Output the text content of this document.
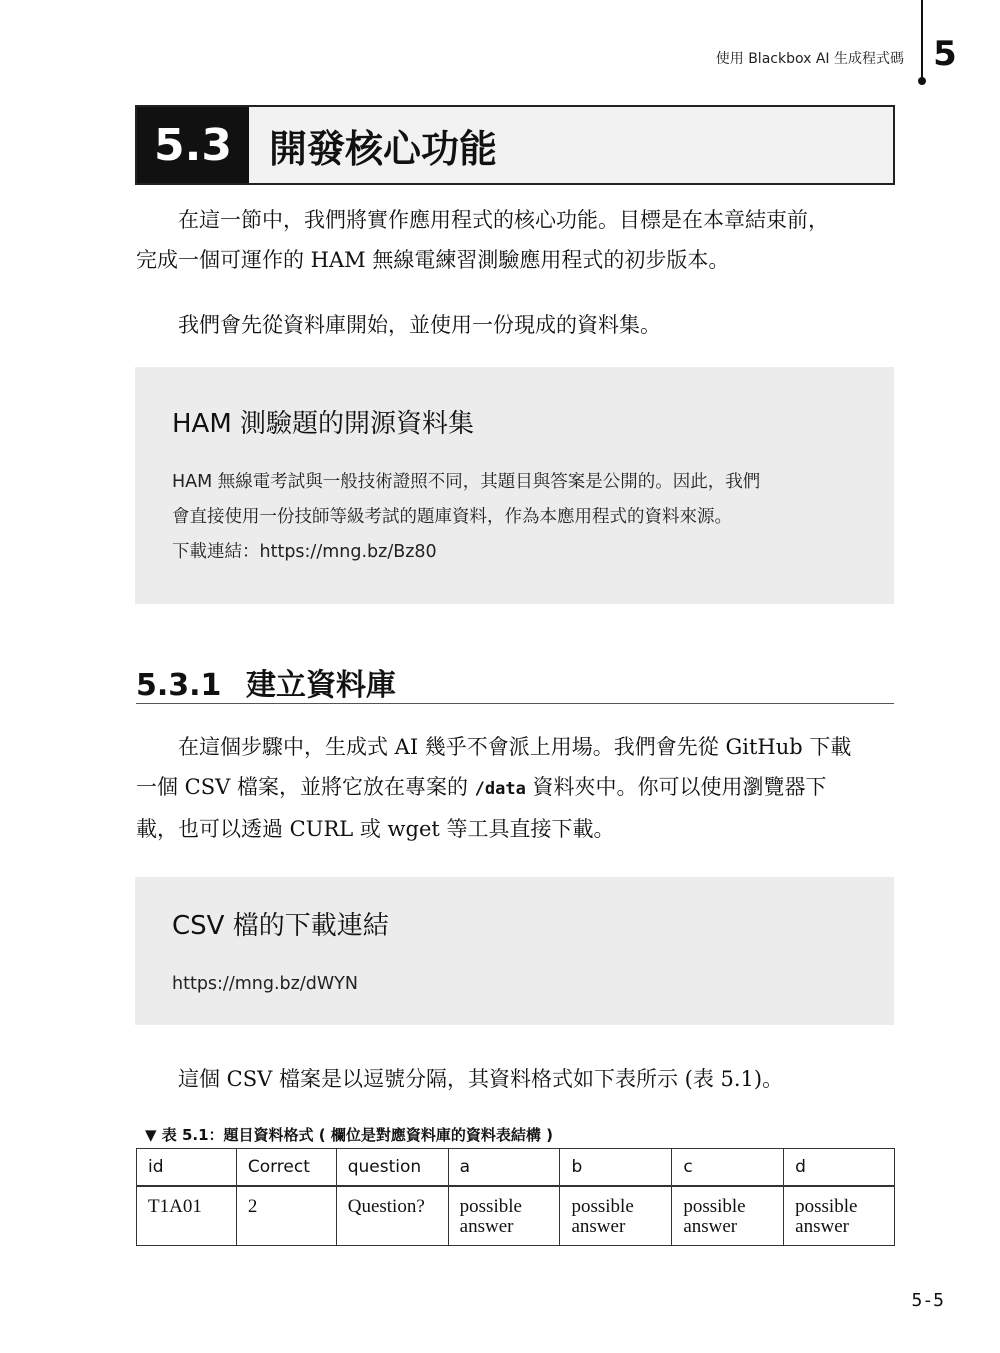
使用 Blackbox AI 生成程式碼 5
5.3 開發核心功能

在這一節中，我們將實作應用程式的核心功能。目標是在本章結束前，
完成一個可運作的 HAM 無線電練習測驗應用程式的初步版本。

我們會先從資料庫開始，並使用一份現成的資料集。

HAM 測驗題的開源資料集
HAM 無線電考試與一般技術證照不同，其題目與答案是公開的。因此，我們
會直接使用一份技師等級考試的題庫資料，作為本應用程式的資料來源。
下載連結：https://mng.bz/Bz80
5.3.1 建立資料庫

在這個步驟中，生成式 AI 幾乎不會派上用場。我們會先從 GitHub 下載
一個 CSV 檔案，並將它放在專案的 /data 資料夾中。你可以使用瀏覽器下
載，也可以透過 CURL 或 wget 等工具直接下載。

CSV 檔的下載連結
https://mng.bz/dWYN

這個 CSV 檔案是以逗號分隔，其資料格式如下表所示 (表 5.1)。

▼ 表 5.1：題目資料格式 ( 欄位是對應資料庫的資料表結構 )
id	Correct	question	a	b	c	d
T1A01	2	Question?	possible answer	possible answer	possible answer	possible answer
5-5
